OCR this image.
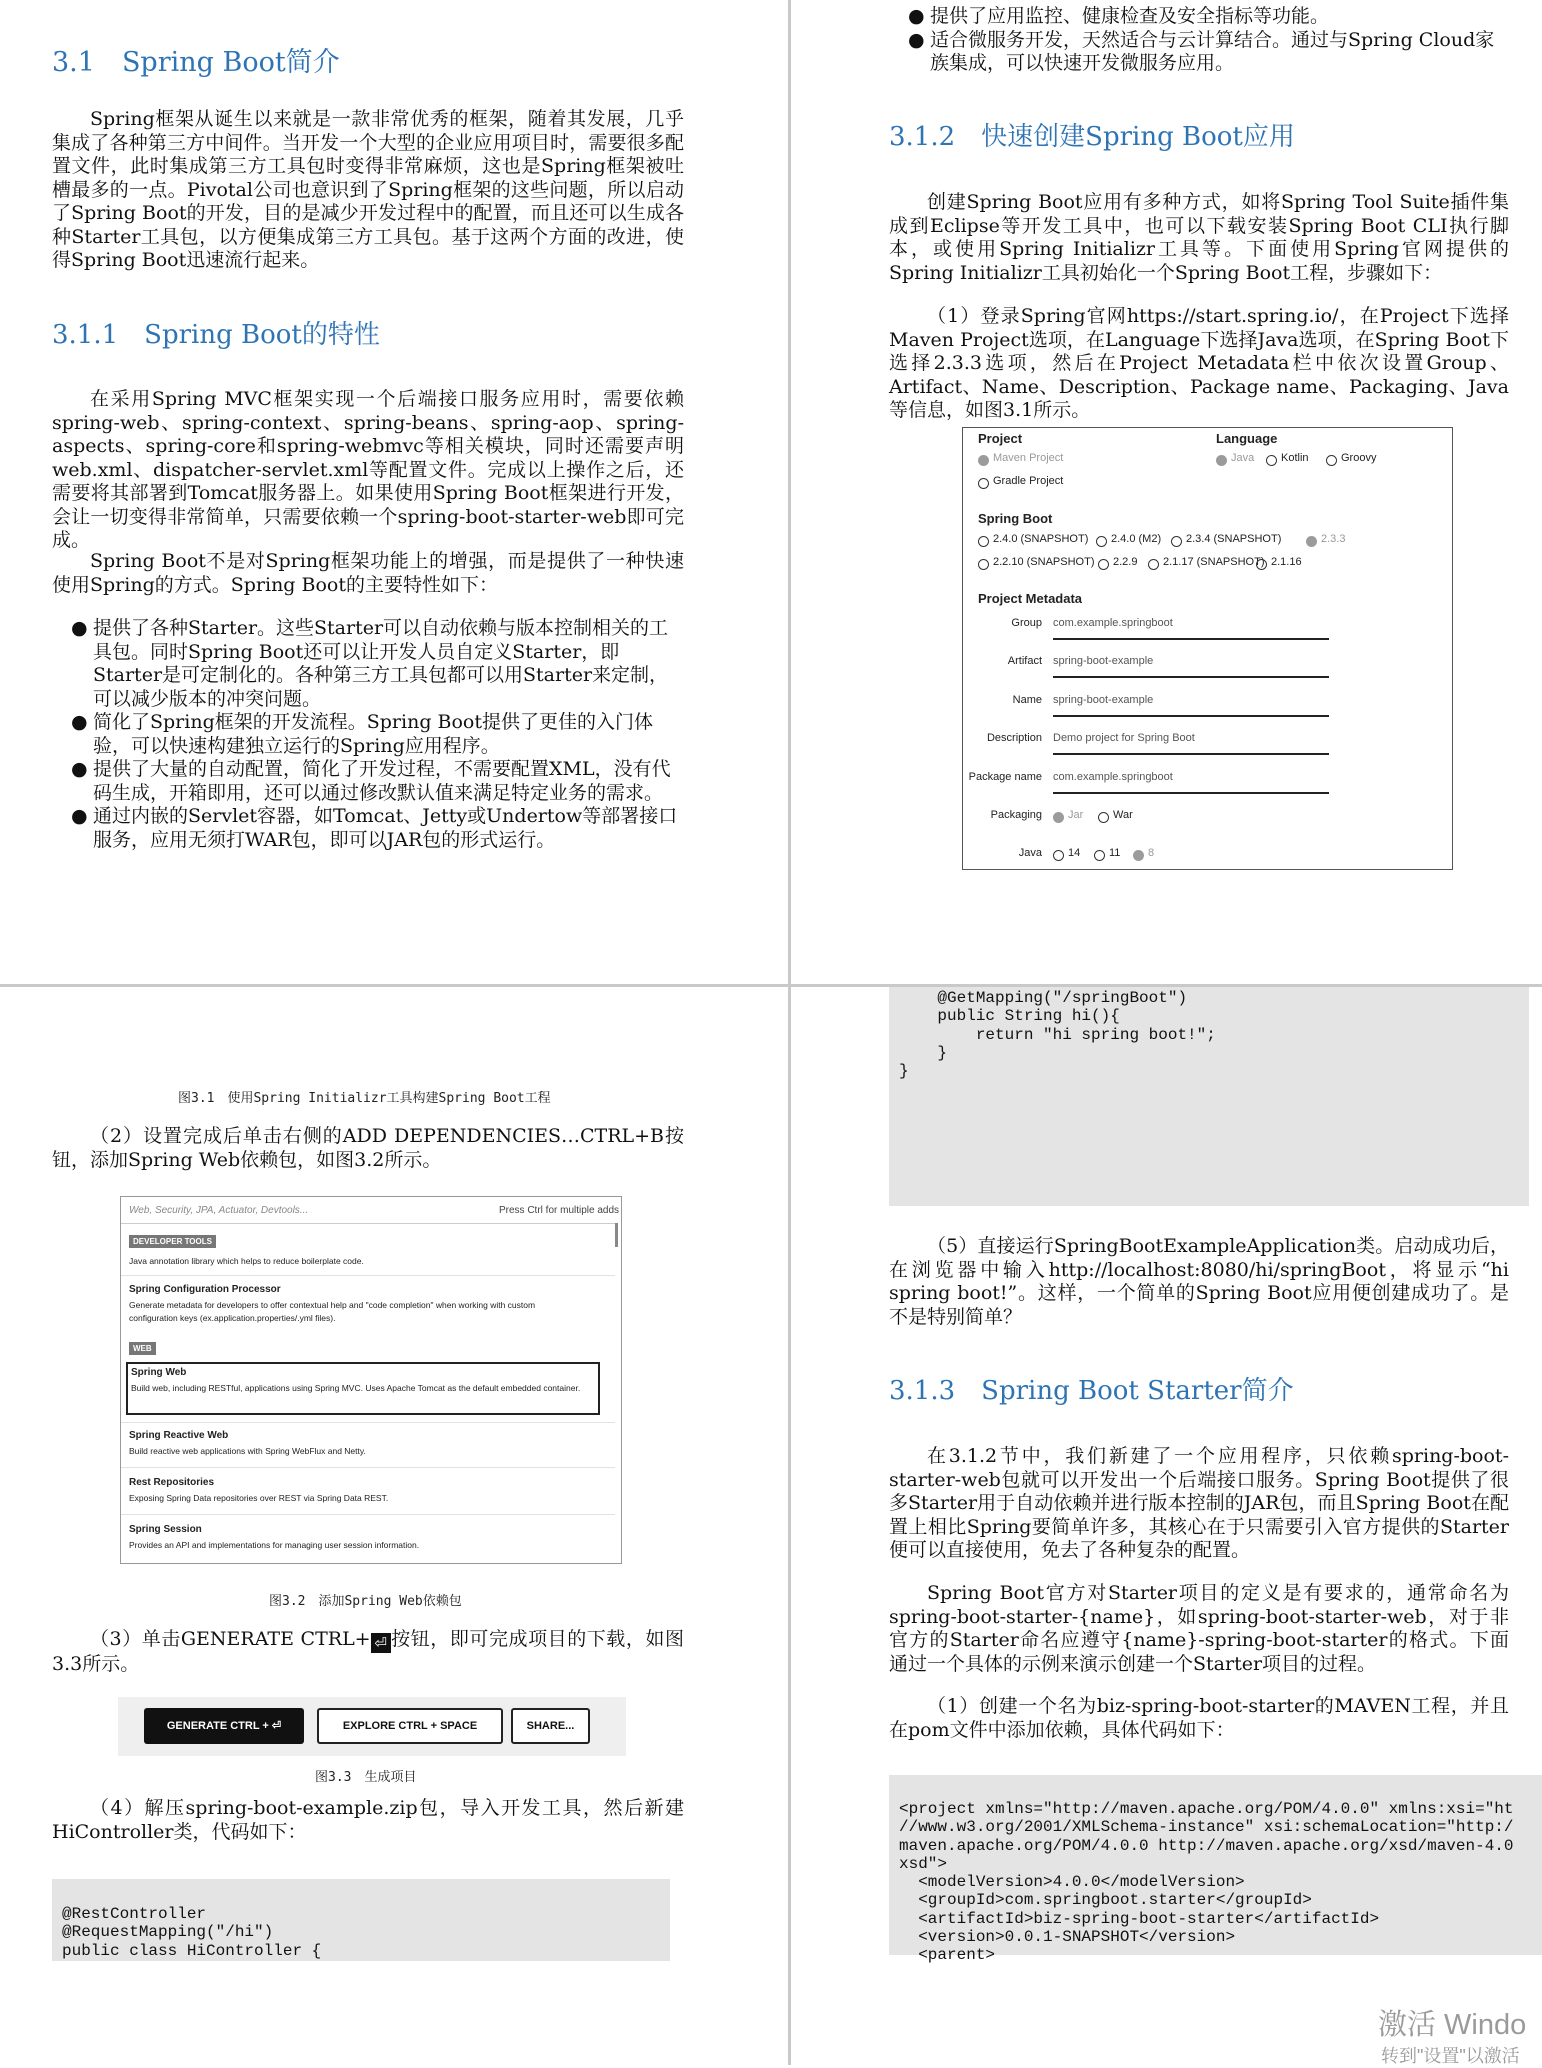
3.1　Spring Boot简介

Spring框架从诞生以来就是一款非常优秀的框架，随着其发展，几乎集成了各种第三方中间件。当开发一个大型的企业应用项目时，需要很多配置文件，此时集成第三方工具包时变得非常麻烦，这也是Spring框架被吐槽最多的一点。Pivotal公司也意识到了Spring框架的这些问题，所以启动了Spring Boot的开发，目的是减少开发过程中的配置，而且还可以生成各种Starter工具包，以方便集成第三方工具包。基于这两个方面的改进，使得Spring Boot迅速流行起来。

3.1.1　Spring Boot的特性

在采用Spring MVC框架实现一个后端接口服务应用时，需要依赖spring-web、spring-context、spring-beans、spring-aop、spring-aspects、spring-core和spring-webmvc等相关模块，同时还需要声明web.xml、dispatcher-servlet.xml等配置文件。完成以上操作之后，还需要将其部署到Tomcat服务器上。如果使用Spring Boot框架进行开发，会让一切变得非常简单，只需要依赖一个spring-boot-starter-web即可完成。

Spring Boot不是对Spring框架功能上的增强，而是提供了一种快速使用Spring的方式。Spring Boot的主要特性如下：

● 提供了各种Starter。这些Starter可以自动依赖与版本控制相关的工具包。同时Spring Boot还可以让开发人员自定义Starter，即Starter是可定制化的。各种第三方工具包都可以用Starter来定制，可以减少版本的冲突问题。
● 简化了Spring框架的开发流程。Spring Boot提供了更佳的入门体验，可以快速构建独立运行的Spring应用程序。
● 提供了大量的自动配置，简化了开发过程，不需要配置XML，没有代码生成，开箱即用，还可以通过修改默认值来满足特定业务的需求。
● 通过内嵌的Servlet容器，如Tomcat、Jetty或Undertow等部署接口服务，应用无须打WAR包，即可以JAR包的形式运行。
● 提供了应用监控、健康检查及安全指标等功能。
● 适合微服务开发，天然适合与云计算结合。通过与Spring Cloud家族集成，可以快速开发微服务应用。
3.1.2　快速创建Spring Boot应用

创建Spring Boot应用有多种方式，如将Spring Tool Suite插件集成到Eclipse等开发工具中，也可以下载安装Spring Boot CLI执行脚本，或使用Spring Initializr工具等。下面使用Spring官网提供的Spring Initializr工具初始化一个Spring Boot工程，步骤如下：

（1）登录Spring官网https://start.spring.io/，在Project下选择Maven Project选项，在Language下选择Java选项，在Spring Boot下选择2.3.3选项，然后在Project Metadata栏中依次设置Group、Artifact、Name、Description、Package name、Packaging、Java等信息，如图3.1所示。

Project	Language
Maven Project	Java Kotlin	Groovy
Gradle Project
Spring Boot
2.4.0 (SNAPSHOT) 2.4.0 (M2) 2.3.4 (SNAPSHOT)	2.3.3
2.2.10 (SNAPSHOT) 2.2.9 2.1.17 (SNAPSHOT) 2.1.16
Project Metadata
Group com.example.springboot
Artifact spring-boot-example
Name spring-boot-example
Description Demo project for Spring Boot
Package name com.example.springboot
Packaging Jar	War
Java 14	11	8
图3.1　使用Spring Initializr工具构建Spring Boot工程

（2）设置完成后单击右侧的ADD DEPENDENCIES…CTRL+B按钮，添加Spring Web依赖包，如图3.2所示。

Web, Security, JPA, Actuator, Devtools...	Press Ctrl for multiple adds
DEVELOPER TOOLS
Java annotation library which helps to reduce boilerplate code.
Spring Configuration Processor
Generate metadata for developers to offer contextual help and "code completion" when working with custom configuration keys (ex.application.properties/.yml files).
WEB
Spring Web
Build web, including RESTful, applications using Spring MVC. Uses Apache Tomcat as the default embedded container.
Spring Reactive Web
Build reactive web applications with Spring WebFlux and Netty.
Rest Repositories
Exposing Spring Data repositories over REST via Spring Data REST.
Spring Session
Provides an API and implementations for managing user session information.
图3.2　添加Spring Web依赖包

（3）单击GENERATE CTRL+ ⏎ 按钮，即可完成项目的下载，如图3.3所示。

GENERATE CTRL + ⏎	EXPLORE CTRL + SPACE	SHARE...
图3.3　生成项目

（4）解压spring-boot-example.zip包，导入开发工具，然后新建HiController类，代码如下：

@RestController
@RequestMapping("/hi")
public class HiController {
@GetMapping("/springBoot")
public String hi(){
return "hi spring boot!";
}
}

（5）直接运行SpringBootExampleApplication类。启动成功后，在浏览器中输入http://localhost:8080/hi/springBoot，将显示“hi spring boot!”。这样，一个简单的Spring Boot应用便创建成功了。是不是特别简单？

3.1.3　Spring Boot Starter简介

在3.1.2节中，我们新建了一个应用程序，只依赖spring-boot-starter-web包就可以开发出一个后端接口服务。Spring Boot提供了很多Starter用于自动依赖并进行版本控制的JAR包，而且Spring Boot在配置上相比Spring要简单许多，其核心在于只需要引入官方提供的Starter便可以直接使用，免去了各种复杂的配置。

Spring Boot官方对Starter项目的定义是有要求的，通常命名为spring-boot-starter-{name}，如spring-boot-starter-web，对于非官方的Starter命名应遵守{name}-spring-boot-starter的格式。下面通过一个具体的示例来演示创建一个Starter项目的过程。

（1）创建一个名为biz-spring-boot-starter的MAVEN工程，并且在pom文件中添加依赖，具体代码如下：

<project xmlns="http://maven.apache.org/POM/4.0.0" xmlns:xsi="ht
//www.w3.org/2001/XMLSchema-instance" xsi:schemaLocation="http:/
maven.apache.org/POM/4.0.0 http://maven.apache.org/xsd/maven-4.0
xsd">
<modelVersion>4.0.0</modelVersion>
<groupId>com.springboot.starter</groupId>
<artifactId>biz-spring-boot-starter</artifactId>
<version>0.0.1-SNAPSHOT</version>
<parent>
激活 Windo
转到"设置"以激活
